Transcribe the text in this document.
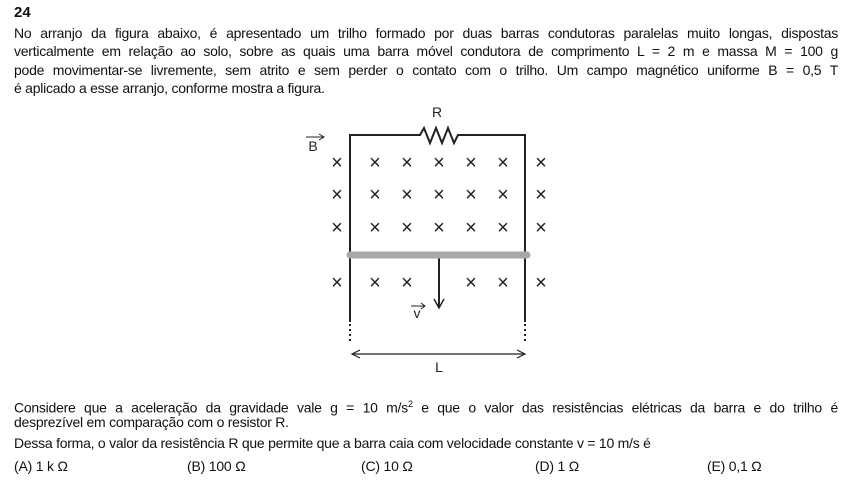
24
No arranjo da figura abaixo, é apresentado um trilho formado por duas barras condutoras paralelas muito longas, dispostas
verticalmente em relação ao solo, sobre as quais uma barra móvel condutora de comprimento L = 2 m e massa M = 100 g
pode movimentar-se livremente, sem atrito e sem perder o contato com o trilho. Um campo magnético uniforme B = 0,5 T
é aplicado a esse arranjo, conforme mostra a figura.
× × × × × × ×
× × × × × × ×
× × × × × × ×
× × ×	× × ×
R
B
v
L
Considere que a aceleração da gravidade vale g = 10 $m/s^2$ e que o valor das resistências elétricas da barra e do trilho é
desprezível em comparação com o resistor R.
Dessa forma, o valor da resistência R que permite que a barra caia com velocidade constante v = 10 m/s é
(A) 1 k Ω	(B) 100 Ω	(C) 10 Ω	(D) 1 Ω	(E) 0,1 Ω
